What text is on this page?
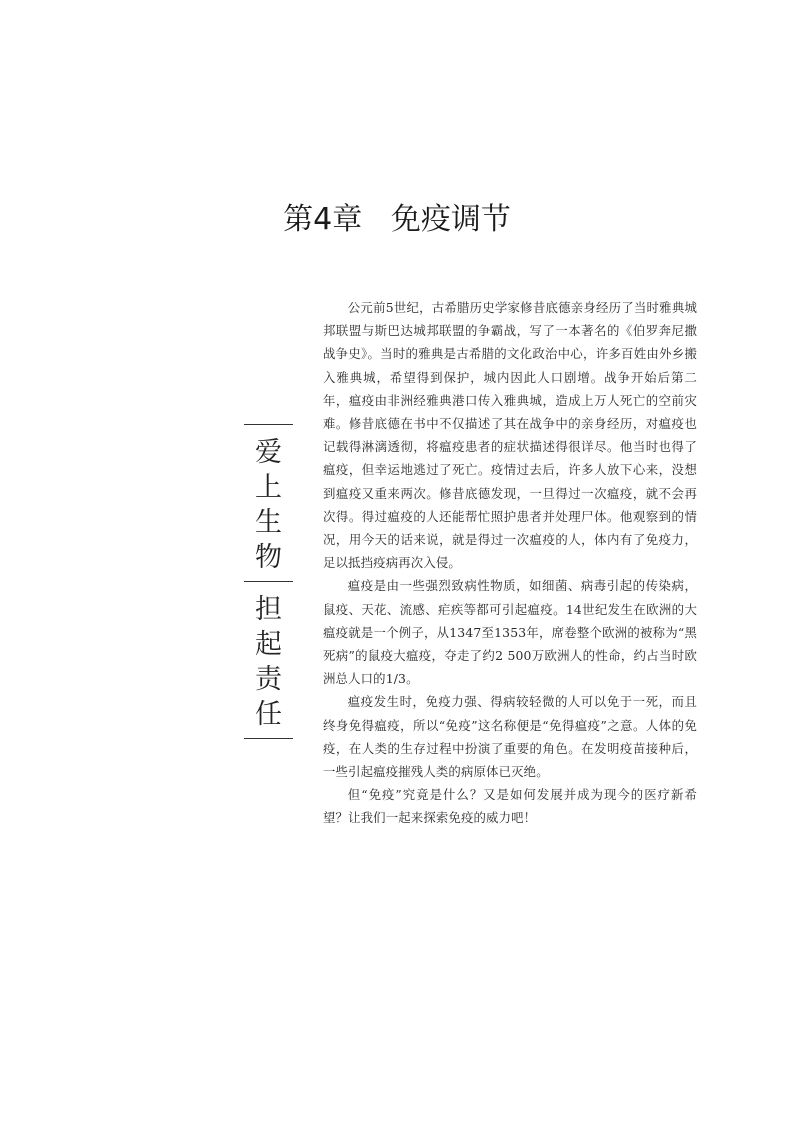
第4章   免疫调节
爱
上
生
物
担
起
责
任

公元前5世纪，古希腊历史学家修昔底德亲身经历了当时雅典城邦联盟与斯巴达城邦联盟的争霸战，写了一本著名的《伯罗奔尼撒战争史》。当时的雅典是古希腊的文化政治中心，许多百姓由外乡搬入雅典城，希望得到保护，城内因此人口剧增。战争开始后第二年，瘟疫由非洲经雅典港口传入雅典城，造成上万人死亡的空前灾难。修昔底德在书中不仅描述了其在战争中的亲身经历，对瘟疫也记载得淋漓透彻，将瘟疫患者的症状描述得很详尽。他当时也得了瘟疫，但幸运地逃过了死亡。疫情过去后，许多人放下心来，没想到瘟疫又重来两次。修昔底德发现，一旦得过一次瘟疫，就不会再次得。得过瘟疫的人还能帮忙照护患者并处理尸体。他观察到的情况，用今天的话来说，就是得过一次瘟疫的人，体内有了免疫力，足以抵挡疫病再次入侵。

瘟疫是由一些强烈致病性物质，如细菌、病毒引起的传染病，鼠疫、天花、流感、疟疾等都可引起瘟疫。14世纪发生在欧洲的大瘟疫就是一个例子，从1347至1353年，席卷整个欧洲的被称为“黑死病”的鼠疫大瘟疫，夺走了约2 500万欧洲人的性命，约占当时欧洲总人口的1/3。

瘟疫发生时，免疫力强、得病较轻微的人可以免于一死，而且终身免得瘟疫，所以“免疫”这名称便是“免得瘟疫”之意。人体的免疫，在人类的生存过程中扮演了重要的角色。在发明疫苗接种后，一些引起瘟疫摧残人类的病原体已灭绝。

但“免疫”究竟是什么？又是如何发展并成为现今的医疗新希望？让我们一起来探索免疫的威力吧！
